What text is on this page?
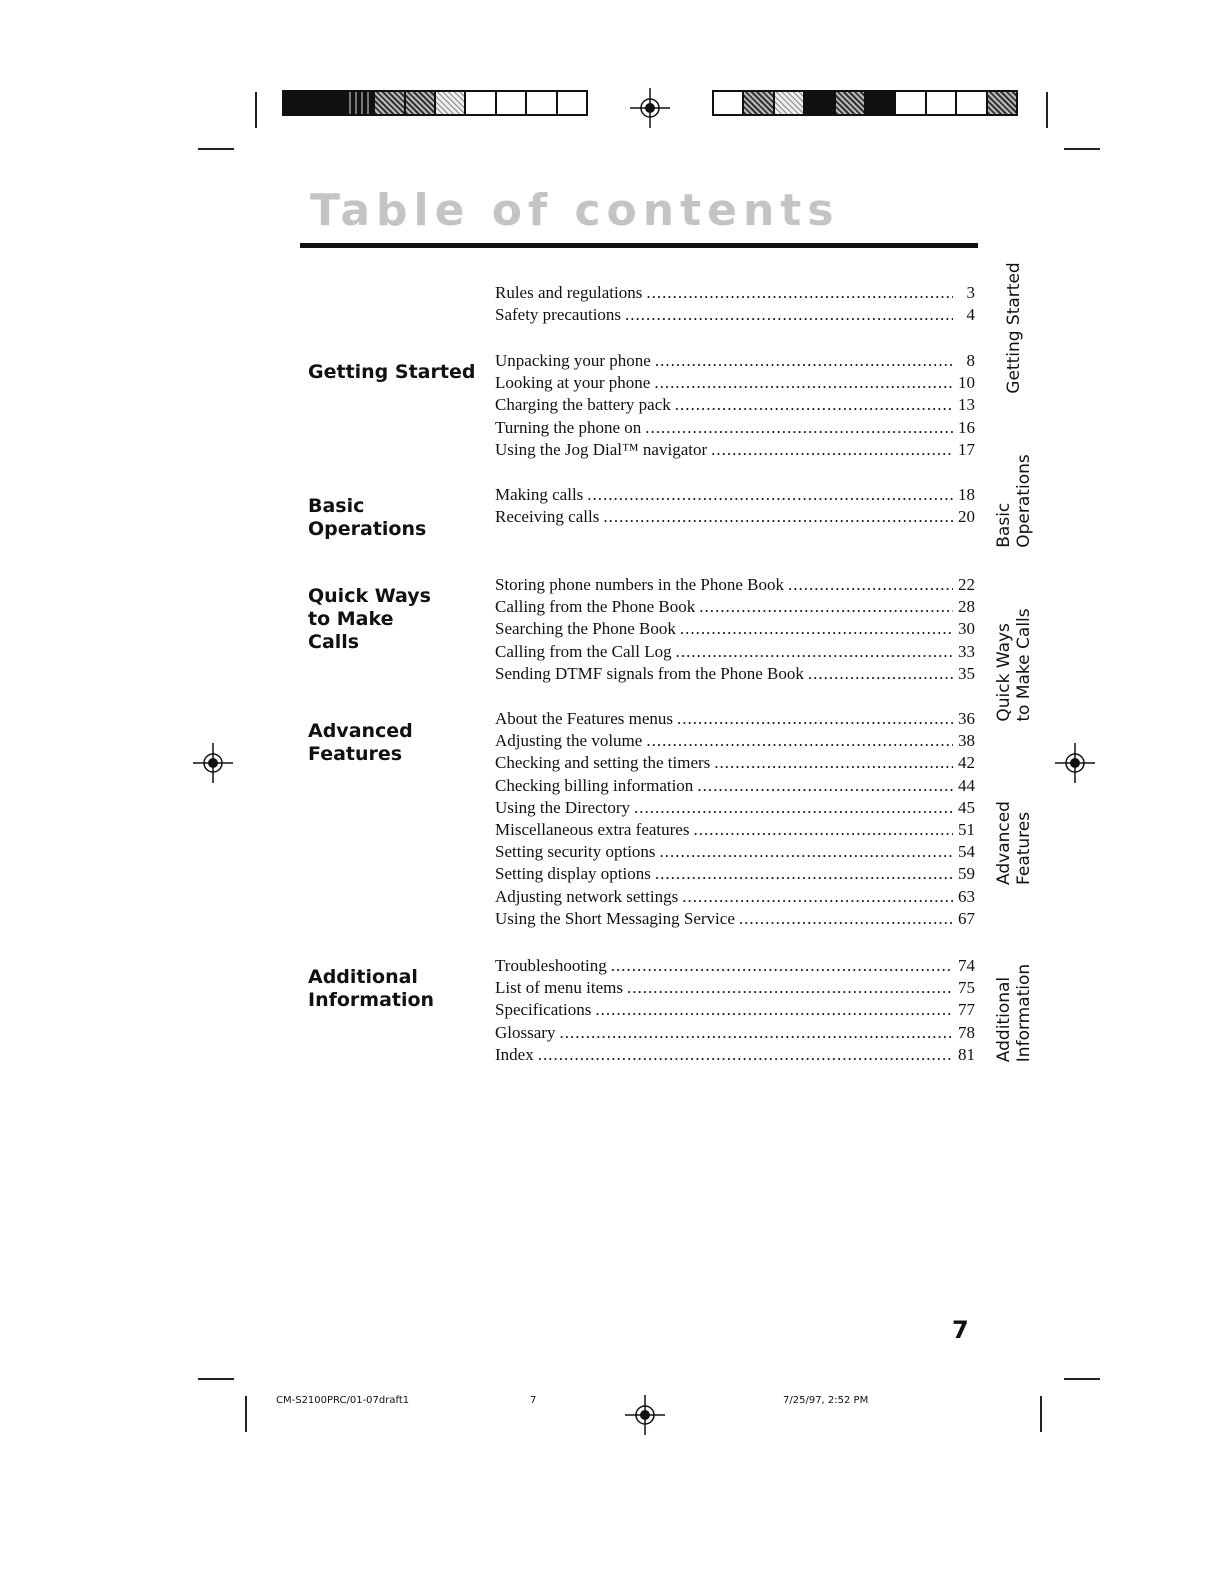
Table of contents
Getting Started
Rules and regulations .....	3
Safety precautions .....	4
Unpacking your phone .....	8
Looking at your phone .....	10
Charging the battery pack .....	13
Turning the phone on .....	16
Using the Jog Dial™ navigator .....	17
Basic Operations
Making calls .....	18
Receiving calls .....	20
Quick Ways to Make Calls
Storing phone numbers in the Phone Book .....	22
Calling from the Phone Book .....	28
Searching the Phone Book .....	30
Calling from the Call Log .....	33
Sending DTMF signals from the Phone Book .....	35
Advanced Features
About the Features menus .....	36
Adjusting the volume .....	38
Checking and setting the timers .....	42
Checking billing information .....	44
Using the Directory .....	45
Miscellaneous extra features .....	51
Setting security options .....	54
Setting display options .....	59
Adjusting network settings .....	63
Using the Short Messaging Service .....	67
Additional Information
Troubleshooting .....	74
List of menu items .....	75
Specifications .....	77
Glossary .....	78
Index .....	81
Getting Started
Basic Operations
Quick Ways to Make Calls
Advanced Features
Additional Information
7
CM-S2100PRC/01-07draft1	7	7/25/97, 2:52 PM
